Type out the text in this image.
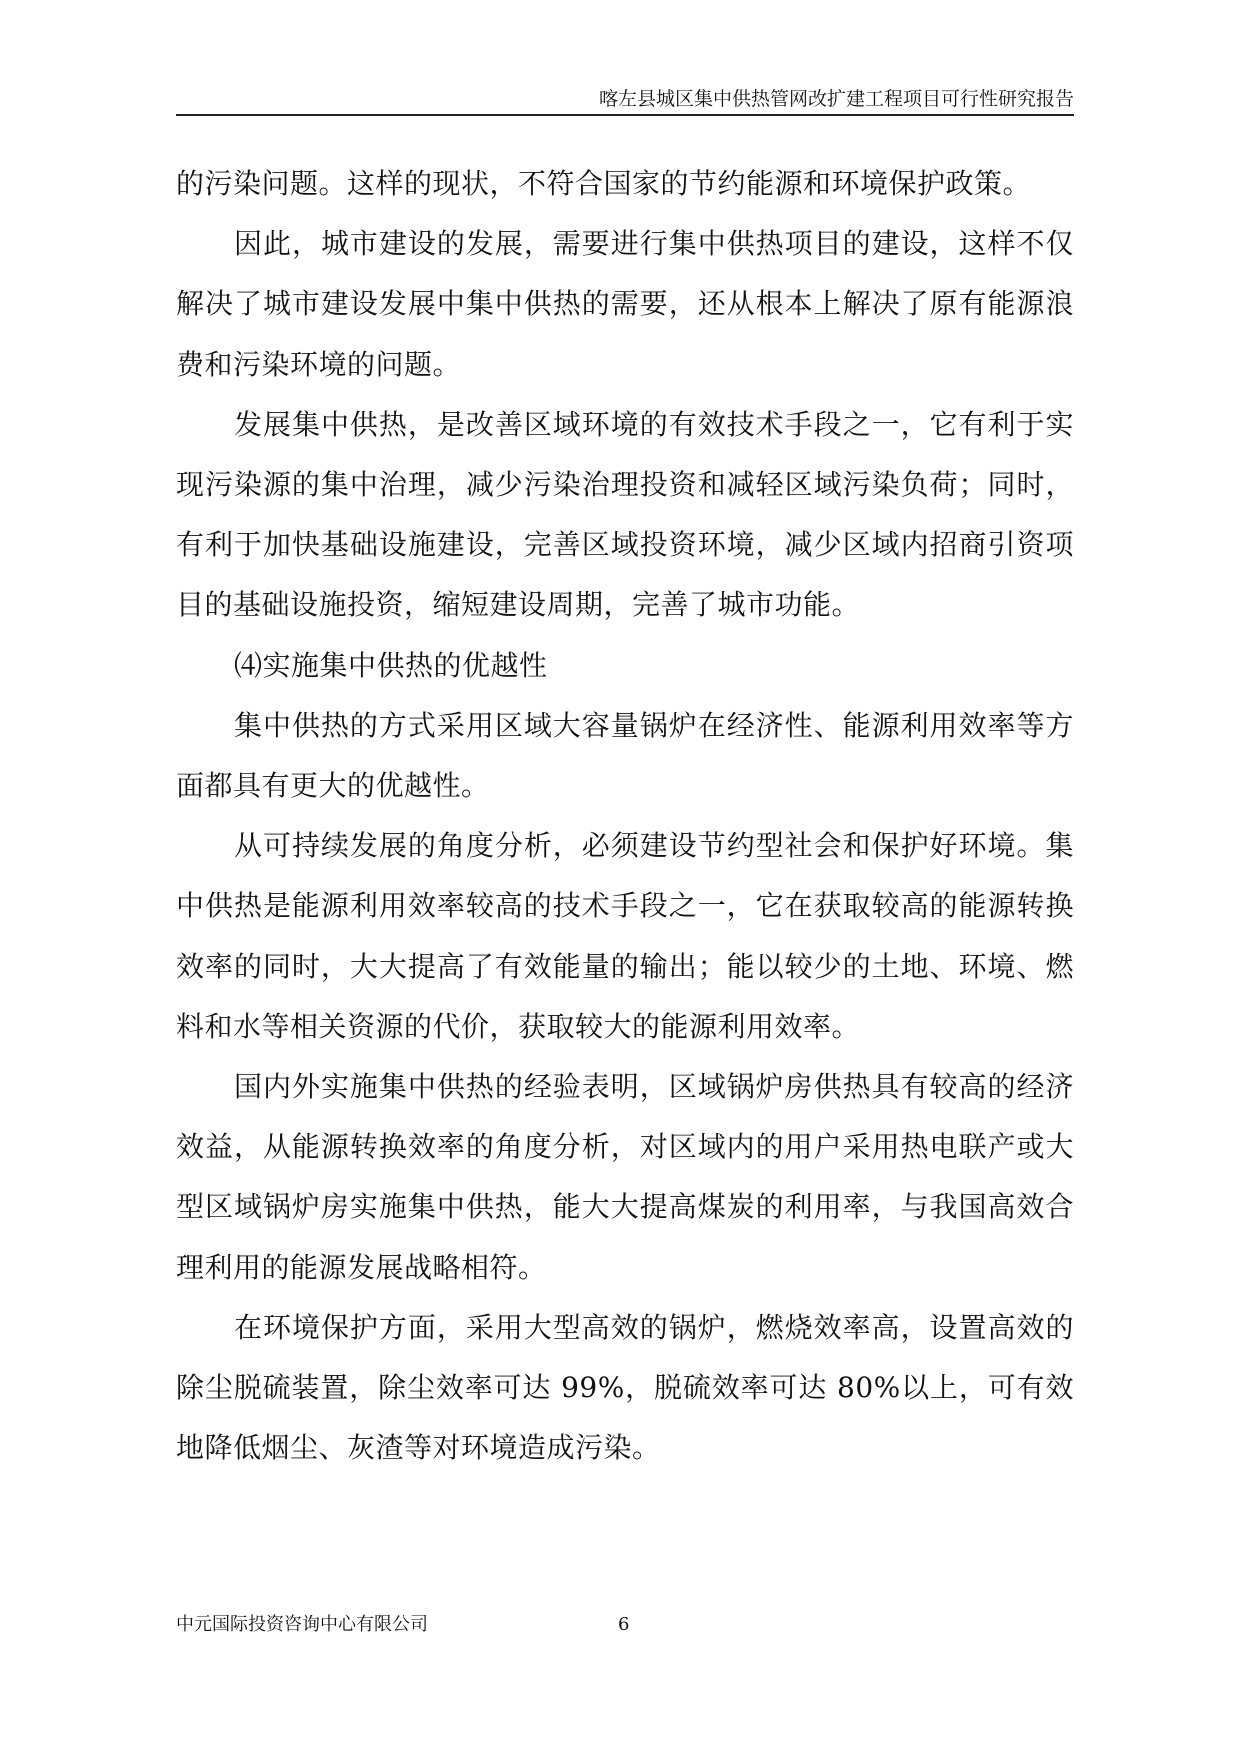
喀左县城区集中供热管网改扩建工程项目可行性研究报告

的污染问题。这样的现状，不符合国家的节约能源和环境保护政策。

因此，城市建设的发展，需要进行集中供热项目的建设，这样不仅解决了城市建设发展中集中供热的需要，还从根本上解决了原有能源浪费和污染环境的问题。

发展集中供热，是改善区域环境的有效技术手段之一，它有利于实现污染源的集中治理，减少污染治理投资和减轻区域污染负荷；同时，有利于加快基础设施建设，完善区域投资环境，减少区域内招商引资项目的基础设施投资，缩短建设周期，完善了城市功能。

⑷实施集中供热的优越性

集中供热的方式采用区域大容量锅炉在经济性、能源利用效率等方面都具有更大的优越性。

从可持续发展的角度分析，必须建设节约型社会和保护好环境。集中供热是能源利用效率较高的技术手段之一，它在获取较高的能源转换效率的同时，大大提高了有效能量的输出；能以较少的土地、环境、燃料和水等相关资源的代价，获取较大的能源利用效率。

国内外实施集中供热的经验表明，区域锅炉房供热具有较高的经济效益，从能源转换效率的角度分析，对区域内的用户采用热电联产或大型区域锅炉房实施集中供热，能大大提高煤炭的利用率，与我国高效合理利用的能源发展战略相符。

在环境保护方面，采用大型高效的锅炉，燃烧效率高，设置高效的除尘脱硫装置，除尘效率可达 99%，脱硫效率可达 80%以上，可有效地降低烟尘、灰渣等对环境造成污染。

中元国际投资咨询中心有限公司	6
